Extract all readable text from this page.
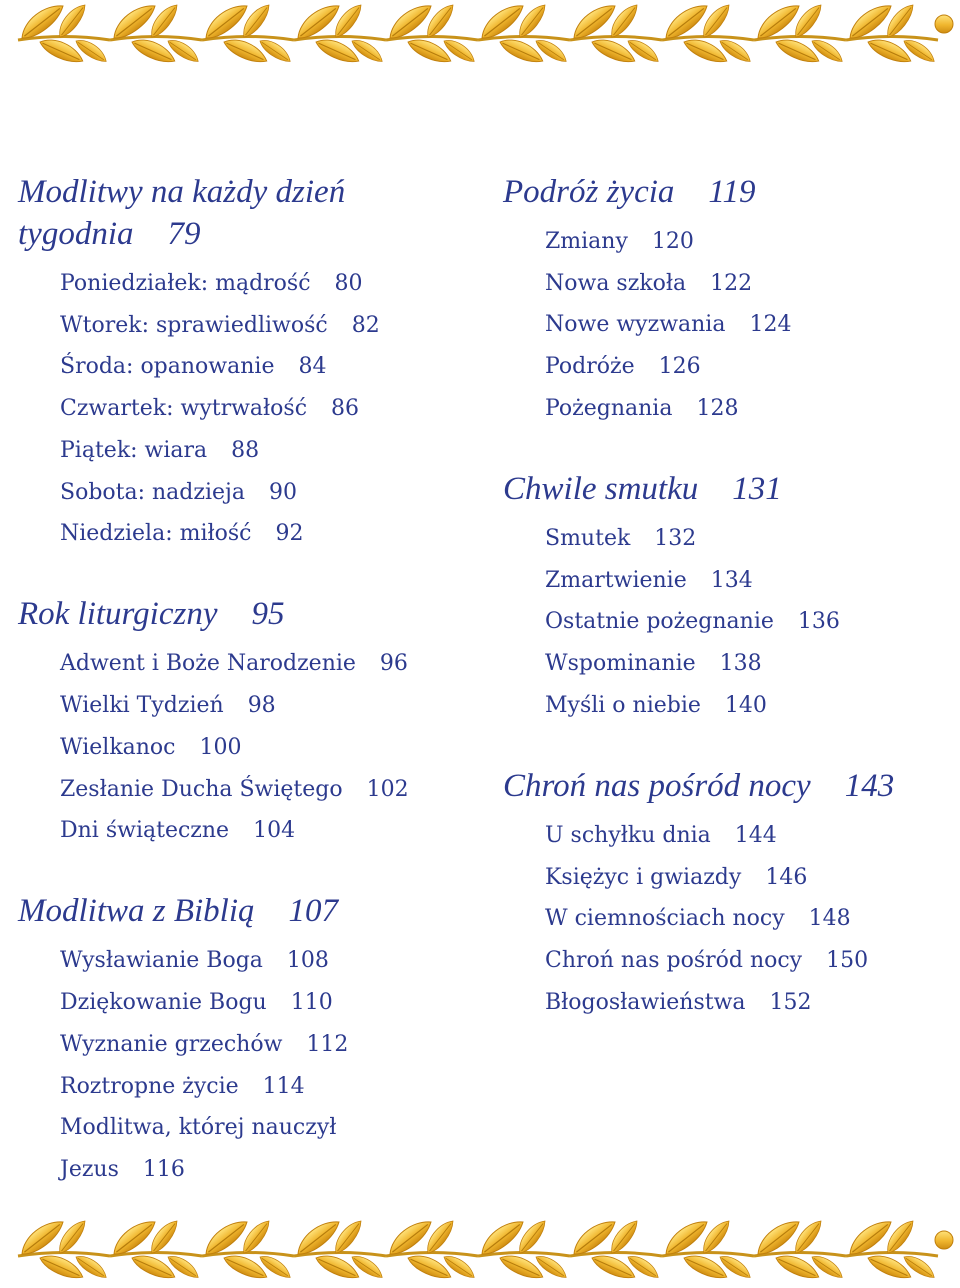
Modlitwy na każdy dzień tygodnia 79
Poniedziałek: mądrość 80
Wtorek: sprawiedliwość 82
Środa: opanowanie 84
Czwartek: wytrwałość 86
Piątek: wiara 88
Sobota: nadzieja 90
Niedziela: miłość 92
Rok liturgiczny 95
Adwent i Boże Narodzenie 96
Wielki Tydzień 98
Wielkanoc 100
Zesłanie Ducha Świętego 102
Dni świąteczne 104
Modlitwa z Biblią 107
Wysławianie Boga 108
Dziękowanie Bogu 110
Wyznanie grzechów 112
Roztropne życie 114
Modlitwa, której nauczył Jezus 116
Podróż życia 119
Zmiany 120
Nowa szkoła 122
Nowe wyzwania 124
Podróże 126
Pożegnania 128
Chwile smutku 131
Smutek 132
Zmartwienie 134
Ostatnie pożegnanie 136
Wspominanie 138
Myśli o niebie 140
Chroń nas pośród nocy 143
U schyłku dnia 144
Księżyc i gwiazdy 146
W ciemnościach nocy 148
Chroń nas pośród nocy 150
Błogosławieństwa 152
